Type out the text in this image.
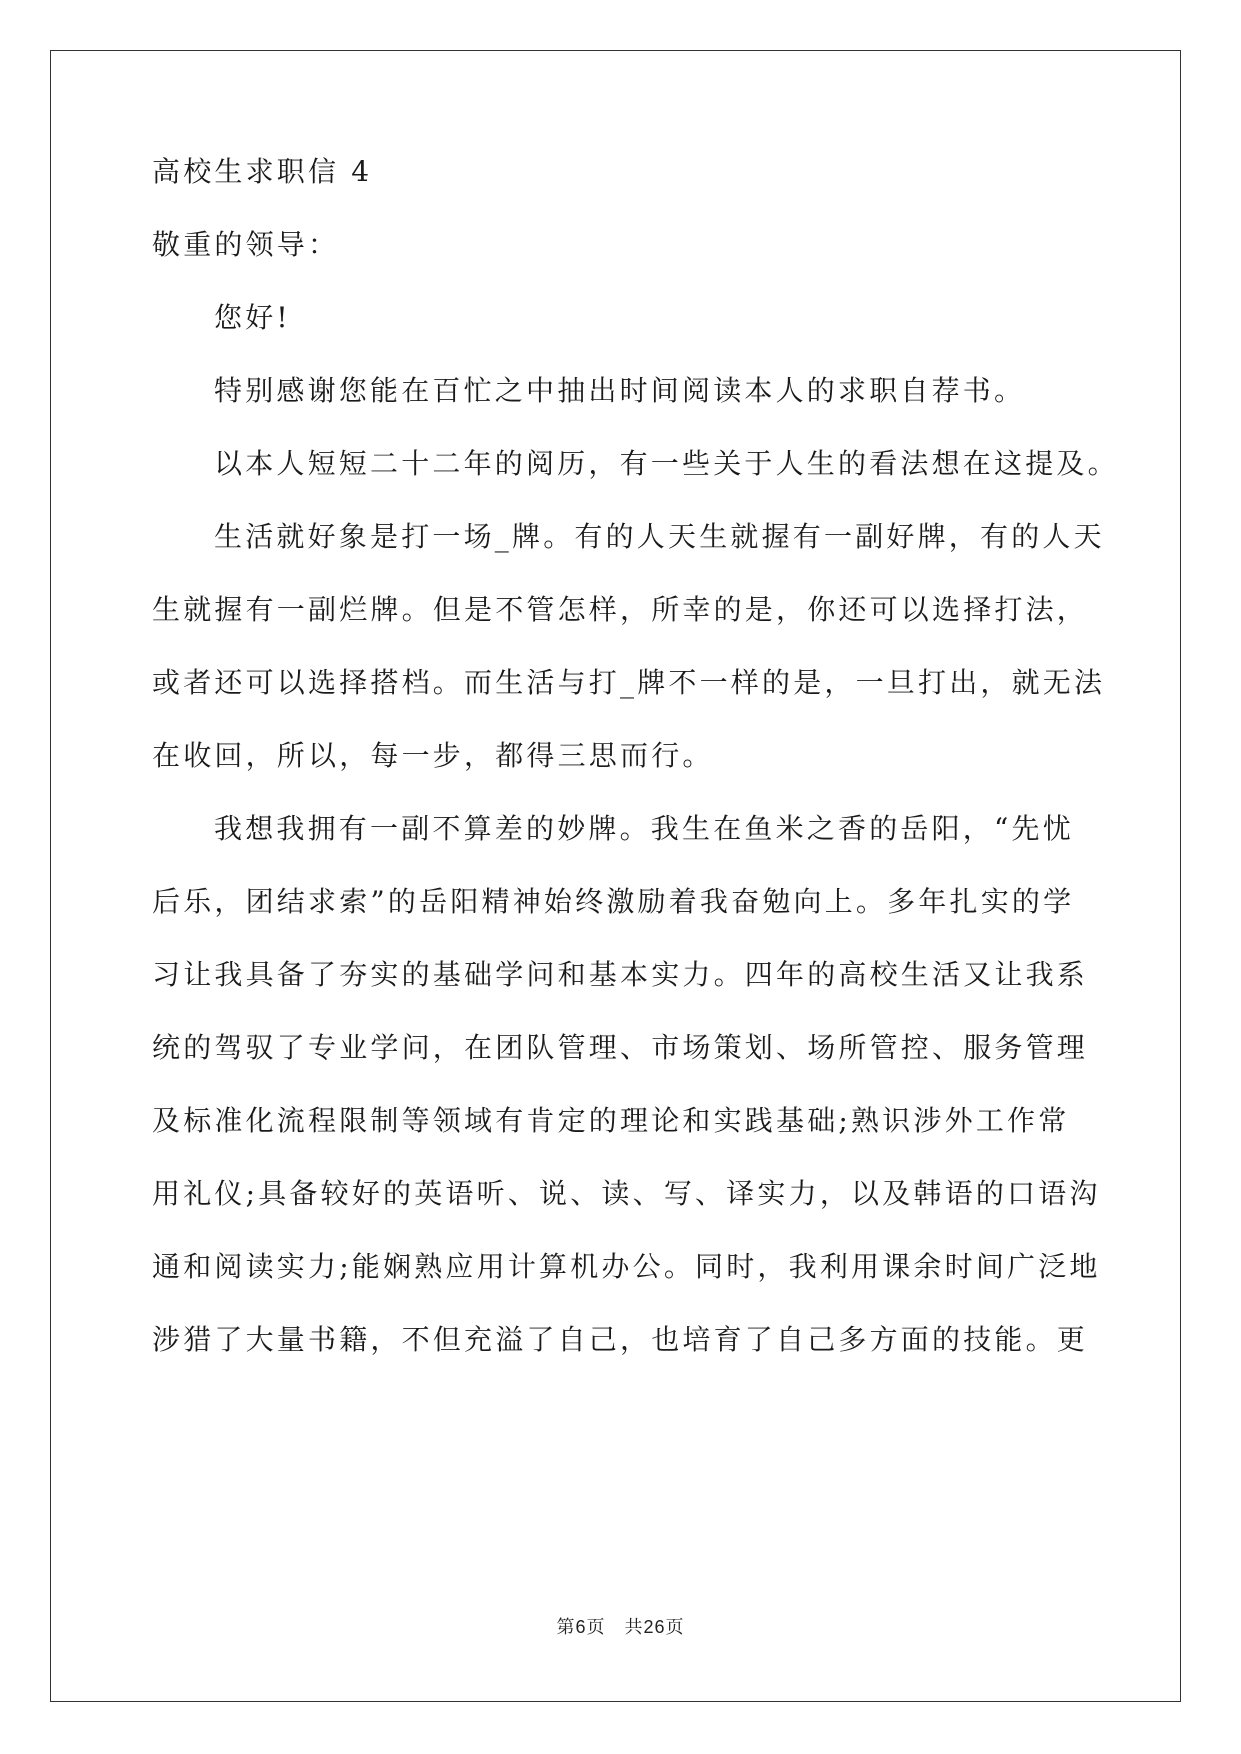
高校生求职信 4
敬重的领导：
您好!
特别感谢您能在百忙之中抽出时间阅读本人的求职自荐书。
以本人短短二十二年的阅历，有一些关于人生的看法想在这提及。
生活就好象是打一场_牌。有的人天生就握有一副好牌，有的人天
生就握有一副烂牌。但是不管怎样，所幸的是，你还可以选择打法，
或者还可以选择搭档。而生活与打_牌不一样的是，一旦打出，就无法
在收回，所以，每一步，都得三思而行。
我想我拥有一副不算差的妙牌。我生在鱼米之香的岳阳，“先忧
后乐，团结求索”的岳阳精神始终激励着我奋勉向上。多年扎实的学
习让我具备了夯实的基础学问和基本实力。四年的高校生活又让我系
统的驾驭了专业学问，在团队管理、市场策划、场所管控、服务管理
及标准化流程限制等领域有肯定的理论和实践基础;熟识涉外工作常
用礼仪;具备较好的英语听、说、读、写、译实力，以及韩语的口语沟
通和阅读实力;能娴熟应用计算机办公。同时，我利用课余时间广泛地
涉猎了大量书籍，不但充溢了自己，也培育了自己多方面的技能。更
第6页　共26页
